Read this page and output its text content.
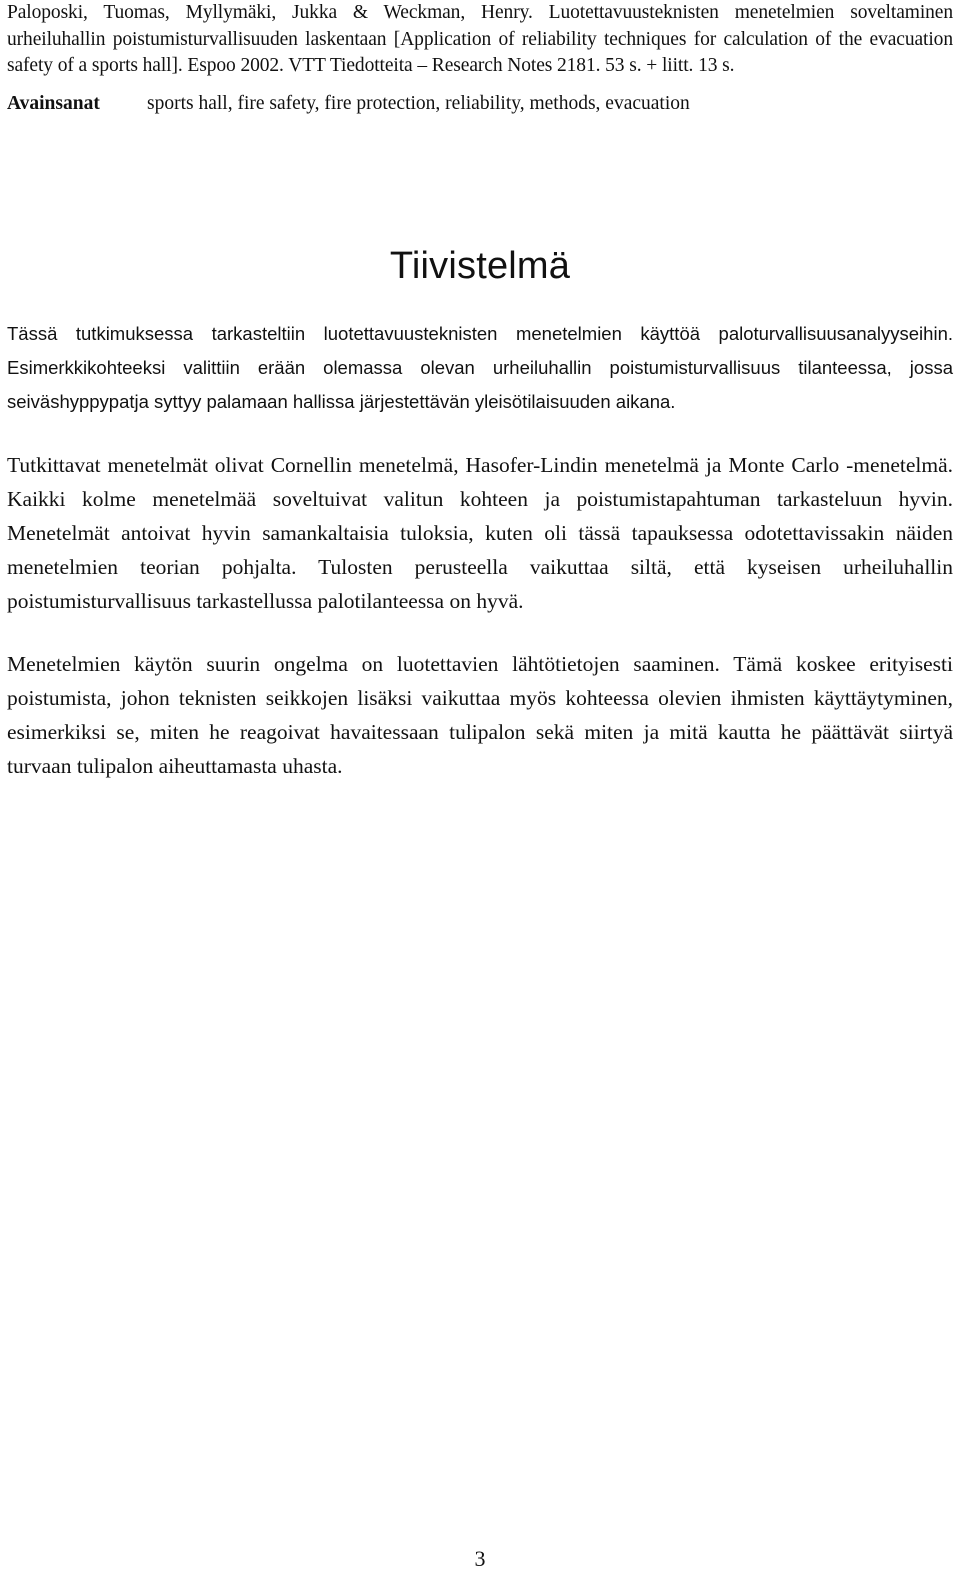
Paloposki, Tuomas, Myllymäki, Jukka & Weckman, Henry. Luotettavuusteknisten menetelmien soveltaminen urheiluhallin poistumisturvallisuuden laskentaan [Application of reliability techniques for calculation of the evacuation safety of a sports hall]. Espoo 2002. VTT Tiedotteita – Research Notes 2181. 53 s. + liitt. 13 s.
Avainsanat sports hall, fire safety, fire protection, reliability, methods, evacuation
Tiivistelmä

Tässä tutkimuksessa tarkasteltiin luotettavuusteknisten menetelmien käyttöä paloturvallisuusanalyyseihin. Esimerkkikohteeksi valittiin erään olemassa olevan urheiluhallin poistumisturvallisuus tilanteessa, jossa seiväshyppypatja syttyy palamaan hallissa järjestettävän yleisötilaisuuden aikana.

Tutkittavat menetelmät olivat Cornellin menetelmä, Hasofer-Lindin menetelmä ja Monte Carlo -menetelmä. Kaikki kolme menetelmää soveltuivat valitun kohteen ja poistumistapahtuman tarkasteluun hyvin. Menetelmät antoivat hyvin samankaltaisia tuloksia, kuten oli tässä tapauksessa odotettavissakin näiden menetelmien teorian pohjalta. Tulosten perusteella vaikuttaa siltä, että kyseisen urheiluhallin poistumisturvallisuus tarkastellussa palotilanteessa on hyvä.

Menetelmien käytön suurin ongelma on luotettavien lähtötietojen saaminen. Tämä koskee erityisesti poistumista, johon teknisten seikkojen lisäksi vaikuttaa myös kohteessa olevien ihmisten käyttäytyminen, esimerkiksi se, miten he reagoivat havaitessaan tulipalon sekä miten ja mitä kautta he päättävät siirtyä turvaan tulipalon aiheuttamasta uhasta.

3
